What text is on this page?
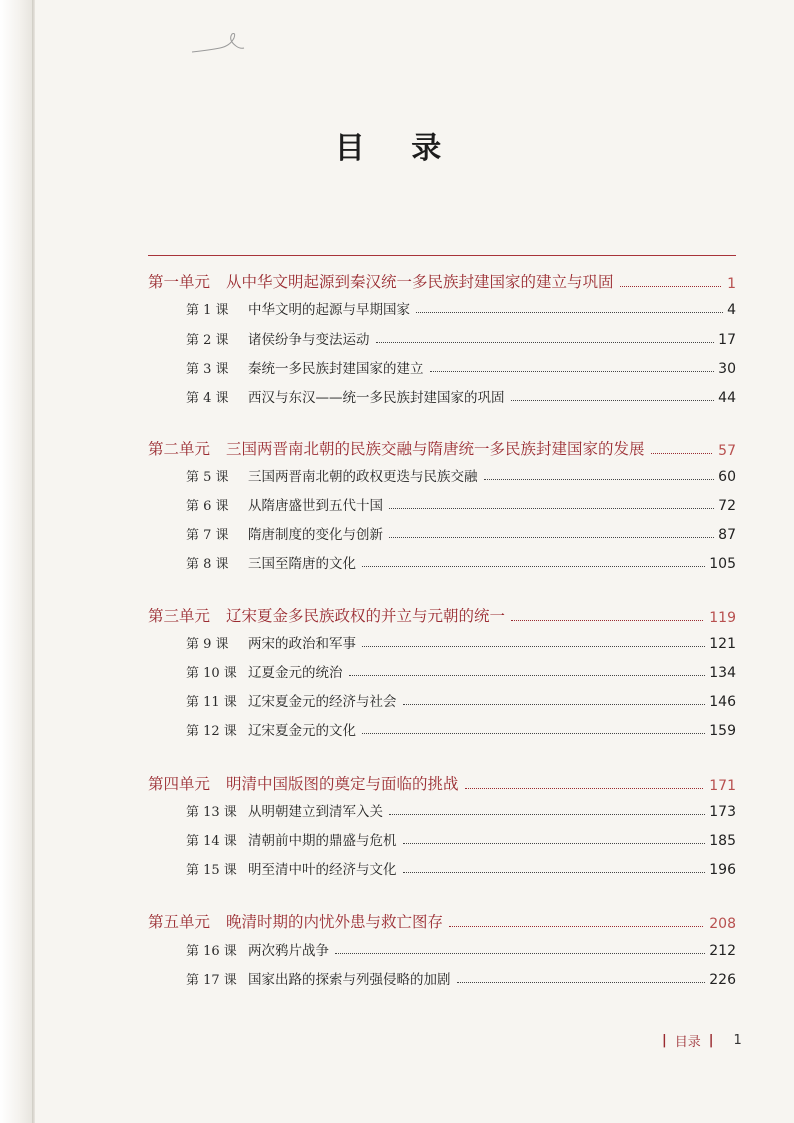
目 录
第一单元 从中华文明起源到秦汉统一多民族封建国家的建立与巩固	1
第 1 课	中华文明的起源与早期国家	4
第 2 课	诸侯纷争与变法运动	17
第 3 课	秦统一多民族封建国家的建立	30
第 4 课	西汉与东汉——统一多民族封建国家的巩固	44
第二单元 三国两晋南北朝的民族交融与隋唐统一多民族封建国家的发展	57
第 5 课	三国两晋南北朝的政权更迭与民族交融	60
第 6 课	从隋唐盛世到五代十国	72
第 7 课	隋唐制度的变化与创新	87
第 8 课	三国至隋唐的文化	105
第三单元 辽宋夏金多民族政权的并立与元朝的统一	119
第 9 课	两宋的政治和军事	121
第 10 课 辽夏金元的统治	134
第 11 课 辽宋夏金元的经济与社会	146
第 12 课 辽宋夏金元的文化	159
第四单元 明清中国版图的奠定与面临的挑战	171
第 13 课 从明朝建立到清军入关	173
第 14 课 清朝前中期的鼎盛与危机	185
第 15 课 明至清中叶的经济与文化	196
第五单元 晚清时期的内忧外患与救亡图存	208
第 16 课 两次鸦片战争	212
第 17 课 国家出路的探索与列强侵略的加剧	226
| 目录 | 1
